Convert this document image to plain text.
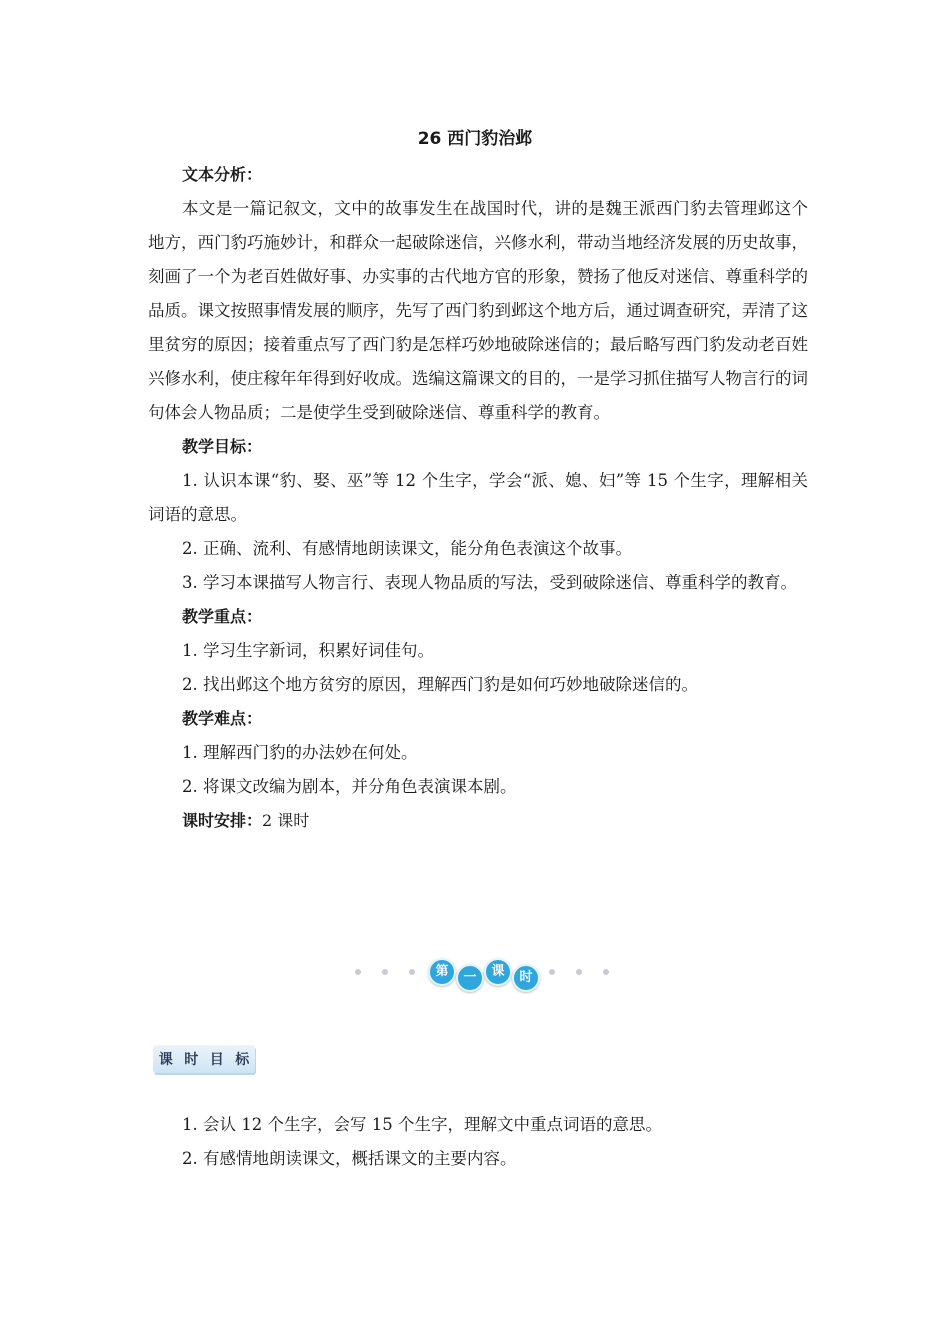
26 西门豹治邺
文本分析：

本文是一篇记叙文，文中的故事发生在战国时代，讲的是魏王派西门豹去管理邺这个地方，西门豹巧施妙计，和群众一起破除迷信，兴修水利，带动当地经济发展的历史故事，刻画了一个为老百姓做好事、办实事的古代地方官的形象，赞扬了他反对迷信、尊重科学的品质。课文按照事情发展的顺序，先写了西门豹到邺这个地方后，通过调查研究，弄清了这里贫穷的原因；接着重点写了西门豹是怎样巧妙地破除迷信的；最后略写西门豹发动老百姓兴修水利，使庄稼年年得到好收成。选编这篇课文的目的，一是学习抓住描写人物言行的词句体会人物品质；二是使学生受到破除迷信、尊重科学的教育。

教学目标：

1. 认识本课“豹、娶、巫”等 12 个生字，学会“派、媳、妇”等 15 个生字，理解相关词语的意思。

2. 正确、流利、有感情地朗读课文，能分角色表演这个故事。

3. 学习本课描写人物言行、表现人物品质的写法，受到破除迷信、尊重科学的教育。

教学重点：

1. 学习生字新词，积累好词佳句。

2. 找出邺这个地方贫穷的原因，理解西门豹是如何巧妙地破除迷信的。

教学难点：

1. 理解西门豹的办法妙在何处。

2. 将课文改编为剧本，并分角色表演课本剧。

课时安排：2 课时
第	一	课	时
课 时 目 标

1. 会认 12 个生字，会写 15 个生字，理解文中重点词语的意思。

2. 有感情地朗读课文，概括课文的主要内容。
